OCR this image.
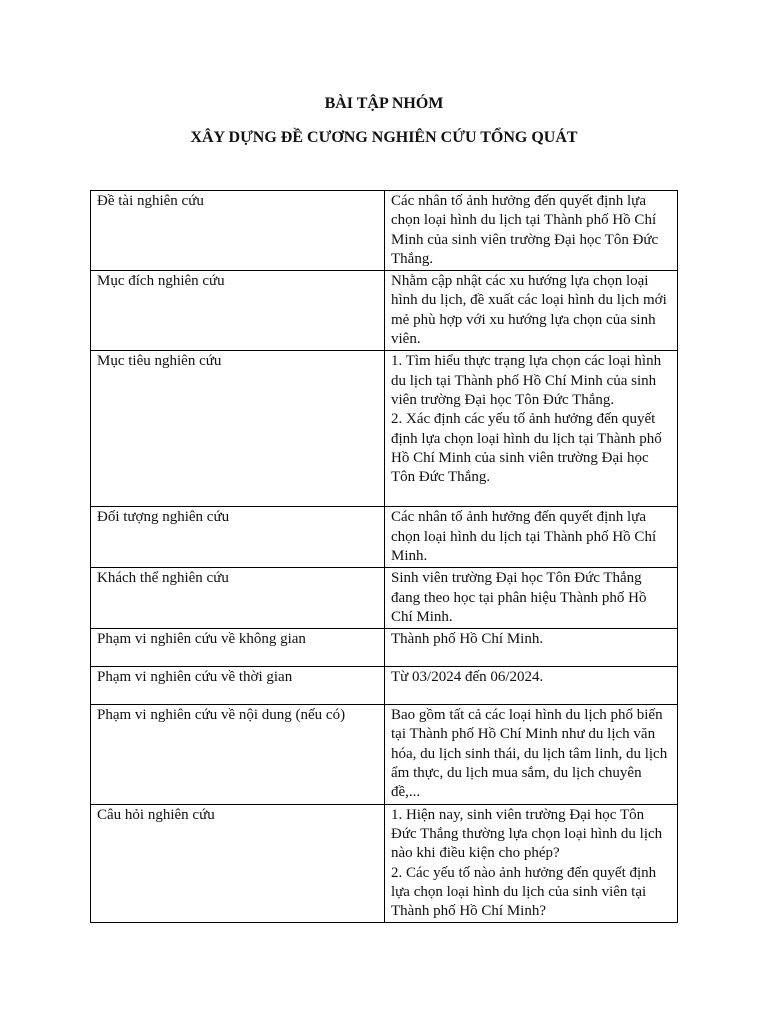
BÀI TẬP NHÓM
XÂY DỰNG ĐỀ CƯƠNG NGHIÊN CỨU TỔNG QUÁT
Đề tài nghiên cứu	Các nhân tố ảnh hưởng đến quyết định lựa chọn loại hình du lịch tại Thành phố Hồ Chí Minh của sinh viên trường Đại học Tôn Đức Thắng.

Mục đích nghiên cứu	Nhằm cập nhật các xu hướng lựa chọn loại hình du lịch, đề xuất các loại hình du lịch mới mẻ phù hợp với xu hướng lựa chọn của sinh viên.

Mục tiêu nghiên cứu	1. Tìm hiểu thực trạng lựa chọn các loại hình du lịch tại Thành phố Hồ Chí Minh của sinh viên trường Đại học Tôn Đức Thắng.
2. Xác định các yếu tố ảnh hưởng đến quyết định lựa chọn loại hình du lịch tại Thành phố Hồ Chí Minh của sinh viên trường Đại học Tôn Đức Thắng.

Đối tượng nghiên cứu	Các nhân tố ảnh hưởng đến quyết định lựa chọn loại hình du lịch tại Thành phố Hồ Chí Minh.

Khách thể nghiên cứu	Sinh viên trường Đại học Tôn Đức Thắng đang theo học tại phân hiệu Thành phố Hồ Chí Minh.

Phạm vi nghiên cứu về không gian	Thành phố Hồ Chí Minh.

Phạm vi nghiên cứu về thời gian	Từ 03/2024 đến 06/2024.

Phạm vi nghiên cứu về nội dung (nếu có)	Bao gồm tất cả các loại hình du lịch phổ biến tại Thành phố Hồ Chí Minh như du lịch văn hóa, du lịch sinh thái, du lịch tâm linh, du lịch ẩm thực, du lịch mua sắm, du lịch chuyên đề,...

Câu hỏi nghiên cứu	1. Hiện nay, sinh viên trường Đại học Tôn Đức Thắng thường lựa chọn loại hình du lịch nào khi điều kiện cho phép?
2. Các yếu tố nào ảnh hưởng đến quyết định lựa chọn loại hình du lịch của sinh viên tại Thành phố Hồ Chí Minh?
